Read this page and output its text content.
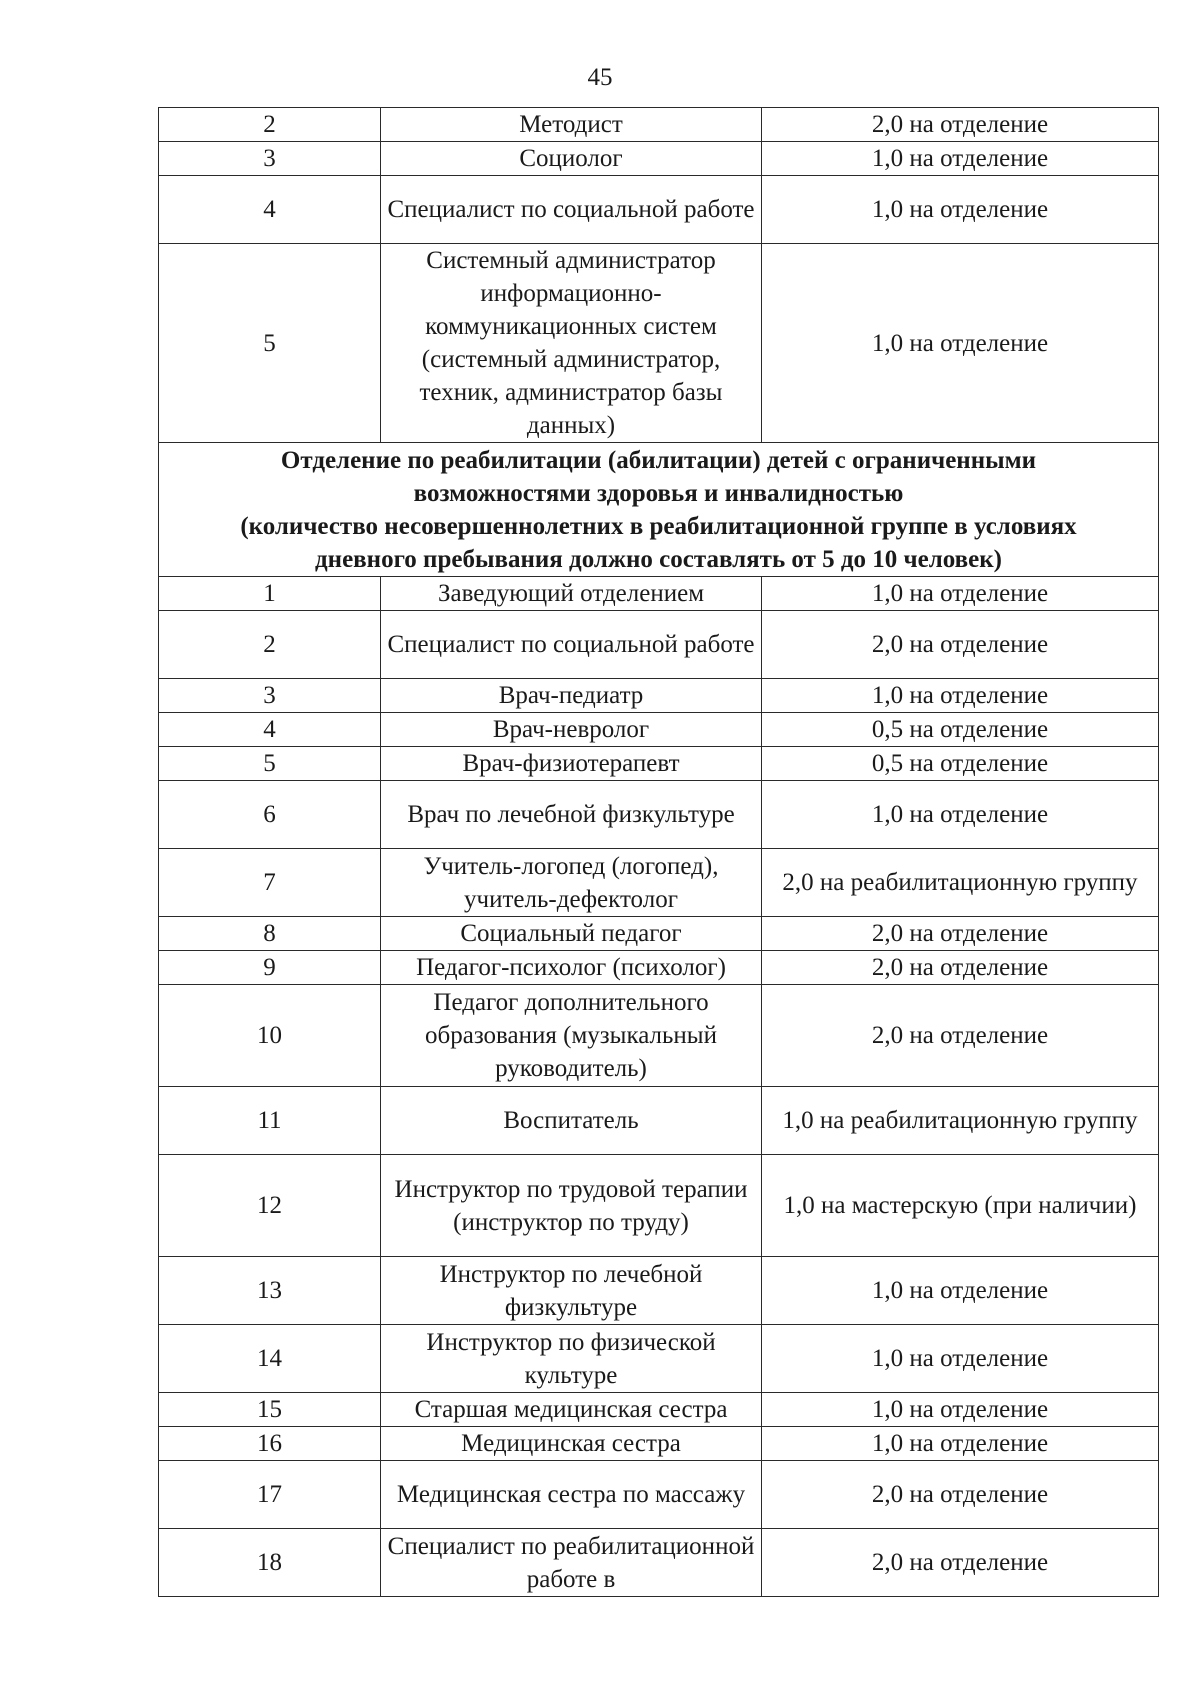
45
2	Методист	2,0 на отделение
3	Социолог	1,0 на отделение
4	Специалист по социальной работе	1,0 на отделение
5	Системный администратор информационно-коммуникационных систем (системный администратор, техник, администратор базы данных)	1,0 на отделение

Отделение по реабилитации (абилитации) детей с ограниченными
возможностями здоровья и инвалидностью
(количество несовершеннолетних в реабилитационной группе в условиях
дневного пребывания должно составлять от 5 до 10 человек)		

1	Заведующий отделением	1,0 на отделение
2	Специалист по социальной работе	2,0 на отделение
3	Врач-педиатр	1,0 на отделение
4	Врач-невролог	0,5 на отделение
5	Врач-физиотерапевт	0,5 на отделение
6	Врач по лечебной физкультуре	1,0 на отделение
7	Учитель-логопед (логопед), учитель-дефектолог	2,0 на реабилитационную группу
8	Социальный педагог	2,0 на отделение
9	Педагог-психолог (психолог)	2,0 на отделение
10	Педагог дополнительного образования (музыкальный руководитель)	2,0 на отделение
11	Воспитатель	1,0 на реабилитационную группу
12	Инструктор по трудовой терапии (инструктор по труду)	1,0 на мастерскую (при наличии)
13	Инструктор по лечебной физкультуре	1,0 на отделение
14	Инструктор по физической культуре	1,0 на отделение
15	Старшая медицинская сестра	1,0 на отделение
16	Медицинская сестра	1,0 на отделение
17	Медицинская сестра по массажу	2,0 на отделение
18	Специалист по реабилитационной работе в	2,0 на отделение
